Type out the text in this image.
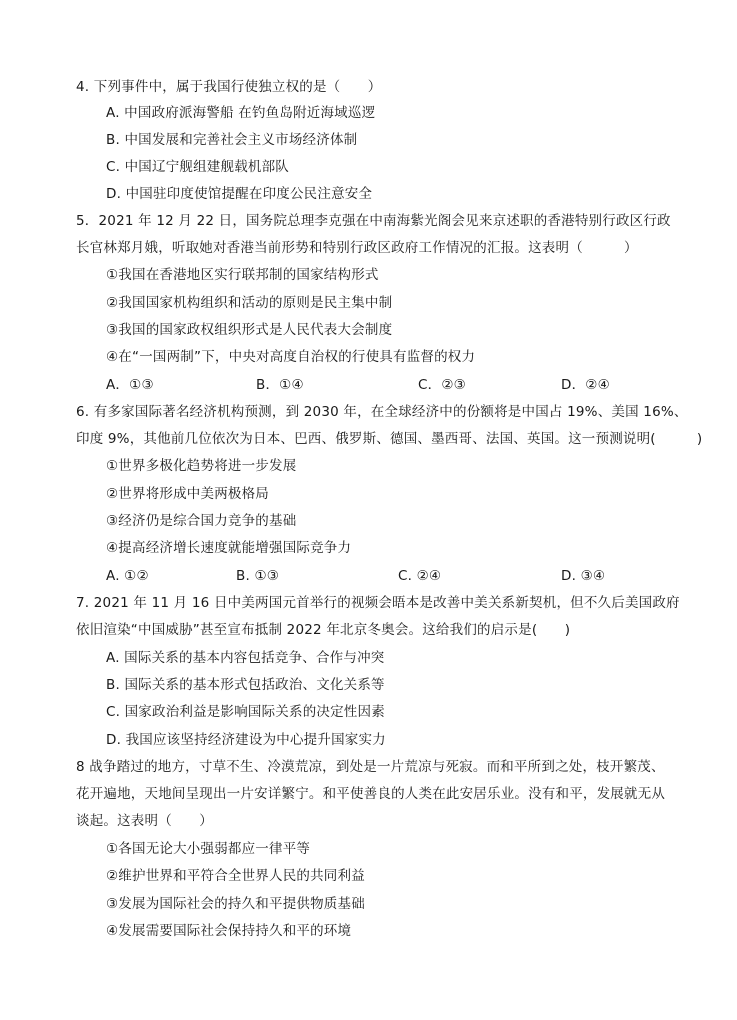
4. 下列事件中，属于我国行使独立权的是（　　）
A. 中国政府派海警船 在钓鱼岛附近海域巡逻
B. 中国发展和完善社会主义市场经济体制
C. 中国辽宁舰组建舰载机部队
D. 中国驻印度使馆提醒在印度公民注意安全
5．2021 年 12 月 22 日，国务院总理李克强在中南海紫光阁会见来京述职的香港特别行政区行政
长官林郑月娥，听取她对香港当前形势和特别行政区政府工作情况的汇报。这表明（　　　）
①我国在香港地区实行联邦制的国家结构形式
②我国国家机构组织和活动的原则是民主集中制
③我国的国家政权组织形式是人民代表大会制度
④在“一国两制”下，中央对高度自治权的行使具有监督的权力
A．①③	B．①④	C．②③	D．②④
6. 有多家国际著名经济机构预测，到 2030 年，在全球经济中的份额将是中国占 19%、美国 16%、
印度 9%，其他前几位依次为日本、巴西、俄罗斯、德国、墨西哥、法国、英国。这一预测说明(　　　)
①世界多极化趋势将进一步发展
②世界将形成中美两极格局
③经济仍是综合国力竞争的基础
④提高经济增长速度就能增强国际竞争力
A. ①②	B. ①③	C. ②④	D. ③④
7. 2021 年 11 月 16 日中美两国元首举行的视频会晤本是改善中美关系新契机，但不久后美国政府
依旧渲染“中国威胁”甚至宣布抵制 2022 年北京冬奥会。这给我们的启示是(　　)
A. 国际关系的基本内容包括竞争、合作与冲突
B. 国际关系的基本形式包括政治、文化关系等
C. 国家政治利益是影响国际关系的决定性因素
D. 我国应该坚持经济建设为中心提升国家实力
8 战争踏过的地方，寸草不生、冷漠荒凉，到处是一片荒凉与死寂。而和平所到之处，枝开繁茂、
花开遍地，天地间呈现出一片安详繁宁。和平使善良的人类在此安居乐业。没有和平，发展就无从
谈起。这表明（　　）
①各国无论大小强弱都应一律平等
②维护世界和平符合全世界人民的共同利益
③发展为国际社会的持久和平提供物质基础
④发展需要国际社会保持持久和平的环境
